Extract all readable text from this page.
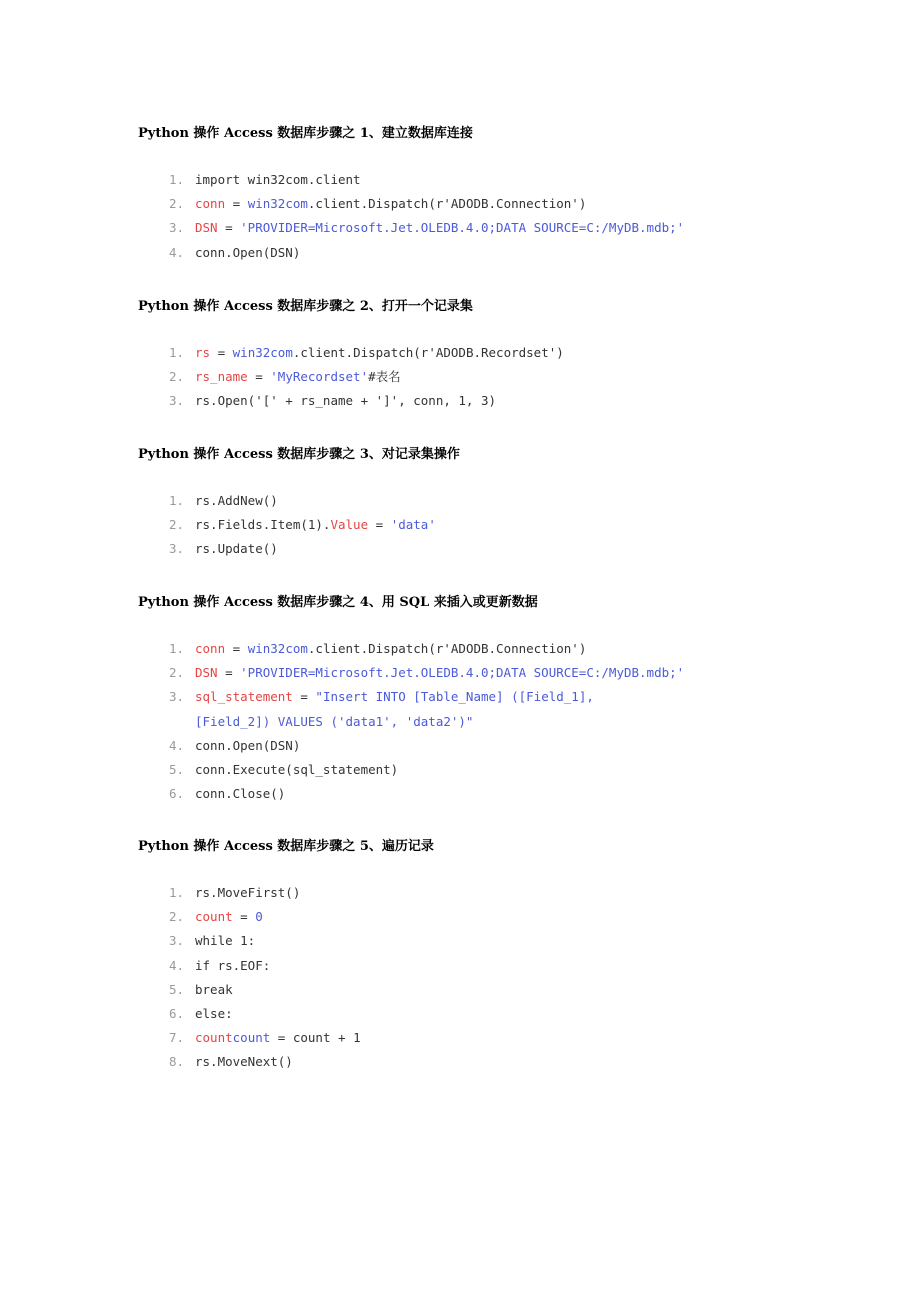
Python 操作 Access 数据库步骤之 1、建立数据库连接
1. import win32com.client
2. conn = win32com.client.Dispatch(r'ADODB.Connection')
3. DSN = 'PROVIDER=Microsoft.Jet.OLEDB.4.0;DATA SOURCE=C:/MyDB.mdb;'
4. conn.Open(DSN)
Python 操作 Access 数据库步骤之 2、打开一个记录集
1. rs = win32com.client.Dispatch(r'ADODB.Recordset')
2. rs_name = 'MyRecordset'#表名
3. rs.Open('[' + rs_name + ']', conn, 1, 3)
Python 操作 Access 数据库步骤之 3、对记录集操作
1. rs.AddNew()
2. rs.Fields.Item(1).Value = 'data'
3. rs.Update()
Python 操作 Access 数据库步骤之 4、用 SQL 来插入或更新数据
1. conn = win32com.client.Dispatch(r'ADODB.Connection')
2. DSN = 'PROVIDER=Microsoft.Jet.OLEDB.4.0;DATA SOURCE=C:/MyDB.mdb;'
3. sql_statement = "Insert INTO [Table_Name] ([Field_1],
[Field_2]) VALUES ('data1', 'data2')"
4. conn.Open(DSN)
5. conn.Execute(sql_statement)
6. conn.Close()
Python 操作 Access 数据库步骤之 5、遍历记录
1. rs.MoveFirst()
2. count = 0
3. while 1:
4. if rs.EOF:
5. break
6. else:
7. countcount = count + 1
8. rs.MoveNext()
